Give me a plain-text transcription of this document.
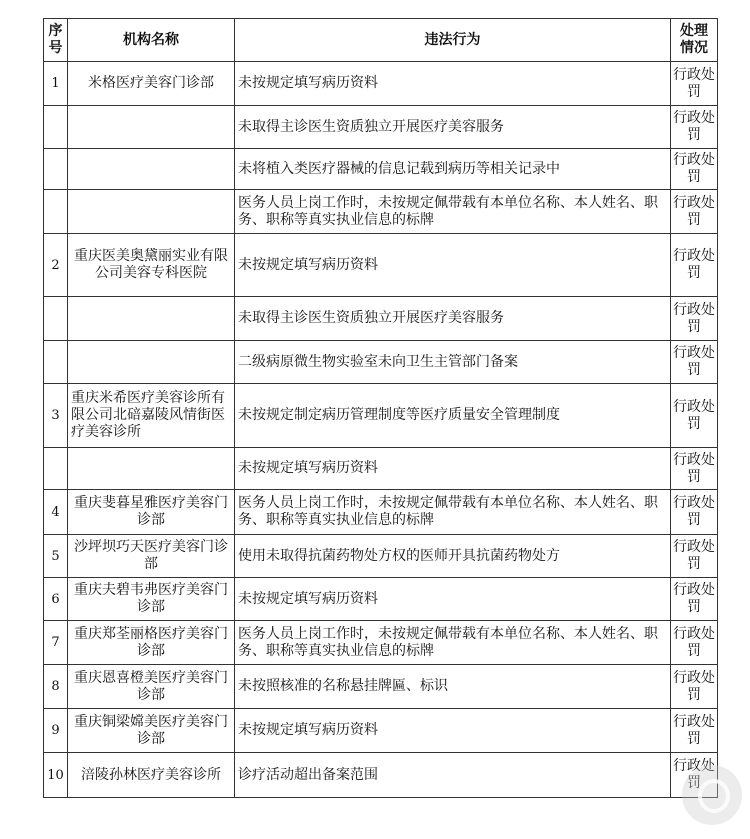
序号	机构名称	违法行为	处理情况
1	米格医疗美容门诊部	未按规定填写病历资料	行政处罚
		未取得主诊医生资质独立开展医疗美容服务	行政处罚
		未将植入类医疗器械的信息记载到病历等相关记录中	行政处罚
		医务人员上岗工作时，未按规定佩带载有本单位名称、本人姓名、职务、职称等真实执业信息的标牌	行政处罚
2	重庆医美奥黛丽实业有限公司美容专科医院	未按规定填写病历资料	行政处罚
		未取得主诊医生资质独立开展医疗美容服务	行政处罚
		二级病原微生物实验室未向卫生主管部门备案	行政处罚
3	重庆米希医疗美容诊所有限公司北碚嘉陵风情街医疗美容诊所	未按规定制定病历管理制度等医疗质量安全管理制度	行政处罚
		未按规定填写病历资料	行政处罚
4	重庆斐暮星雅医疗美容门诊部	医务人员上岗工作时，未按规定佩带载有本单位名称、本人姓名、职务、职称等真实执业信息的标牌	行政处罚
5	沙坪坝巧天医疗美容门诊部	使用未取得抗菌药物处方权的医师开具抗菌药物处方	行政处罚
6	重庆夫碧韦弗医疗美容门诊部	未按规定填写病历资料	行政处罚
7	重庆郑荃丽格医疗美容门诊部	医务人员上岗工作时，未按规定佩带载有本单位名称、本人姓名、职务、职称等真实执业信息的标牌	行政处罚
8	重庆恩喜橙美医疗美容门诊部	未按照核准的名称悬挂牌匾、标识	行政处罚
9	重庆铜梁嫦美医疗美容门诊部	未按规定填写病历资料	行政处罚
10	涪陵孙林医疗美容诊所	诊疗活动超出备案范围	行政处罚
